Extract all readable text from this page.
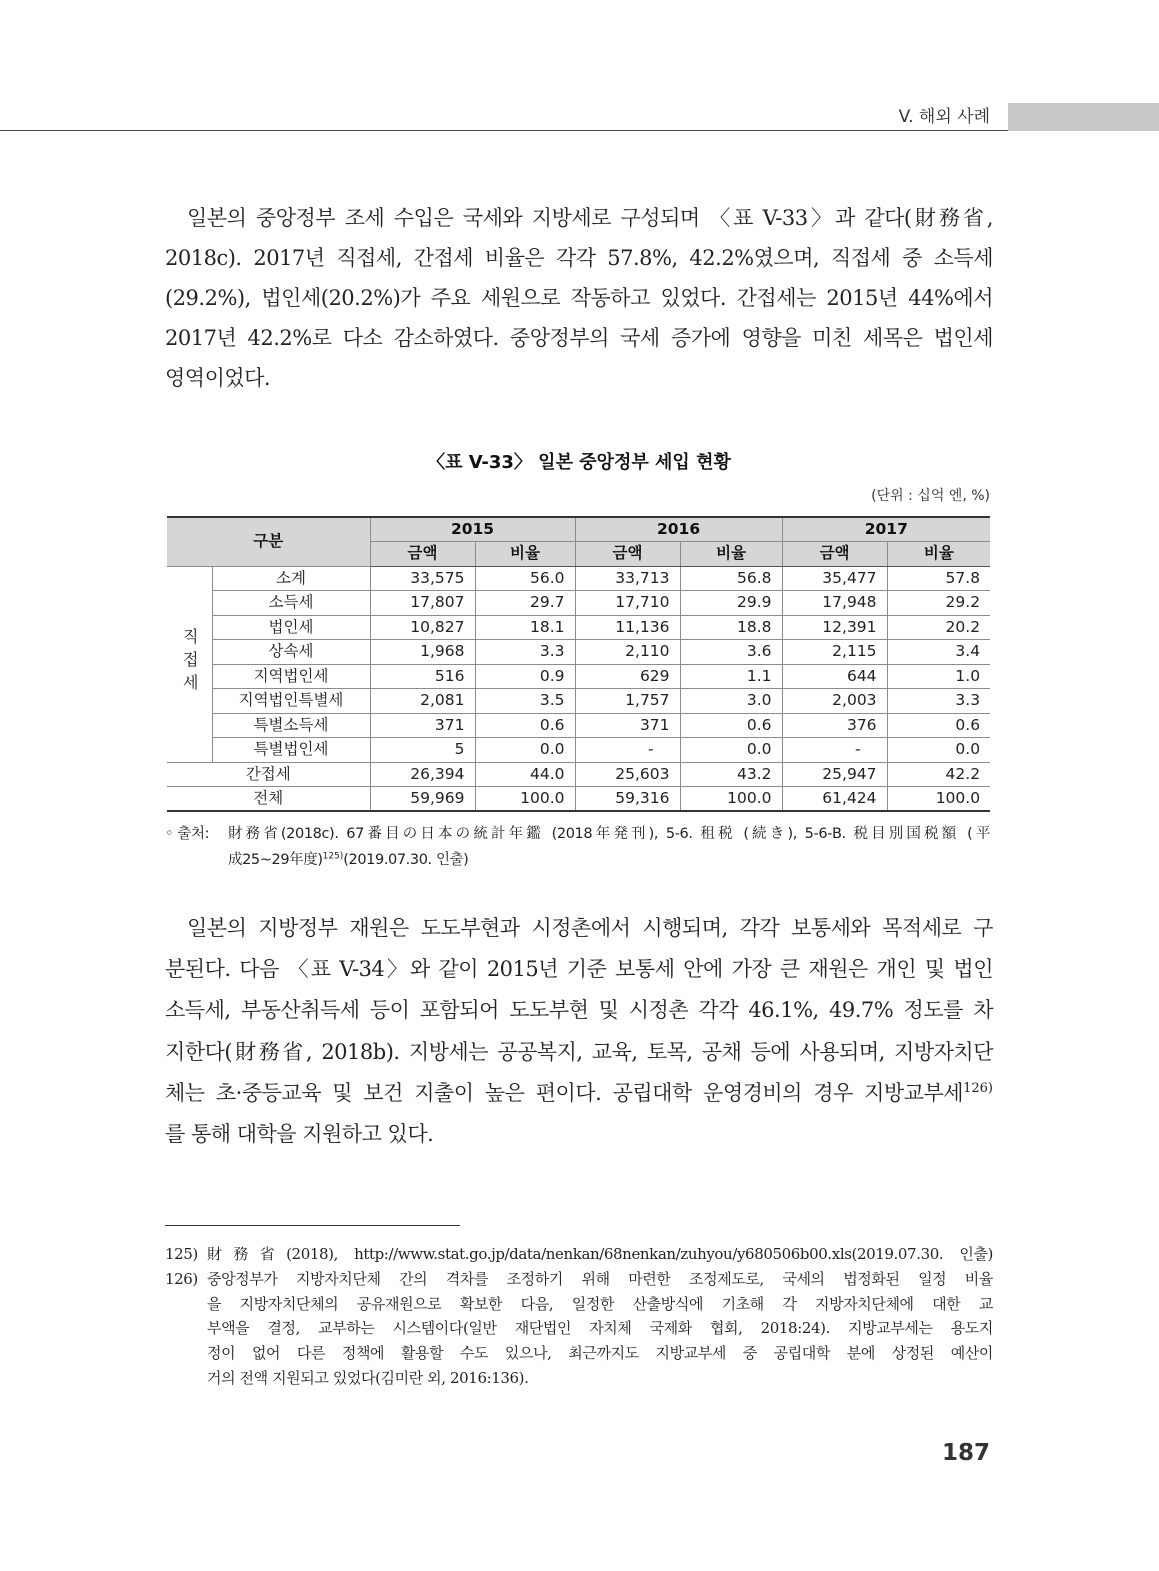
V. 해외 사례
일본의 중앙정부 조세 수입은 국세와 지방세로 구성되며 〈표 V-33〉과 같다(財務省,
2018c). 2017년 직접세, 간접세 비율은 각각 57.8%, 42.2%였으며, 직접세 중 소득세
(29.2%), 법인세(20.2%)가 주요 세원으로 작동하고 있었다. 간접세는 2015년 44%에서
2017년 42.2%로 다소 감소하였다. 중앙정부의 국세 증가에 영향을 미친 세목은 법인세
영역이었다.
〈표 V-33〉 일본 중앙정부 세입 현황
(단위 : 십억 엔, %)
구분		2015		2016		2017	
		금액	비율	금액	비율	금액	비율
직접세	소계	33,575	56.0	33,713	56.8	35,477	57.8
	소득세	17,807	29.7	17,710	29.9	17,948	29.2
	법인세	10,827	18.1	11,136	18.8	12,391	20.2
	상속세	1,968	3.3	2,110	3.6	2,115	3.4
	지역법인세	516	0.9	629	1.1	644	1.0
	지역법인특별세	2,081	3.5	1,757	3.0	2,003	3.3
	특별소득세	371	0.6	371	0.6	376	0.6
	특별법인세	5	0.0	-	0.0	-	0.0
간접세		26,394	44.0	25,603	43.2	25,947	42.2
전체		59,969	100.0	59,316	100.0	61,424	100.0
◦ 출처: 財務省(2018c). 67番目の日本の統計年鑑 (2018年発刊), 5-6. 租税 (続き), 5-6-B. 税目別国税額 (平
成25~29年度)$^{125)}$(2019.07.30. 인출)
일본의 지방정부 재원은 도도부현과 시정촌에서 시행되며, 각각 보통세와 목적세로 구
분된다. 다음 〈표 V-34〉와 같이 2015년 기준 보통세 안에 가장 큰 재원은 개인 및 법인
소득세, 부동산취득세 등이 포함되어 도도부현 및 시정촌 각각 46.1%, 49.7% 정도를 차
지한다(財務省, 2018b). 지방세는 공공복지, 교육, 토목, 공채 등에 사용되며, 지방자치단
체는 초·중등교육 및 보건 지출이 높은 편이다. 공립대학 운영경비의 경우 지방교부세$^{126)}$
를 통해 대학을 지원하고 있다.
125) 財務省(2018), http://www.stat.go.jp/data/nenkan/68nenkan/zuhyou/y680506b00.xls(2019.07.30. 인출)
126) 중앙정부가 지방자치단체 간의 격차를 조정하기 위해 마련한 조정제도로, 국세의 법정화된 일정 비율
을 지방자치단체의 공유재원으로 확보한 다음, 일정한 산출방식에 기초해 각 지방자치단체에 대한 교
부액을 결정, 교부하는 시스템이다(일반 재단법인 자치체 국제화 협회, 2018:24). 지방교부세는 용도지
정이 없어 다른 정책에 활용할 수도 있으나, 최근까지도 지방교부세 중 공립대학 분에 상정된 예산이
거의 전액 지원되고 있었다(김미란 외, 2016:136).
187
